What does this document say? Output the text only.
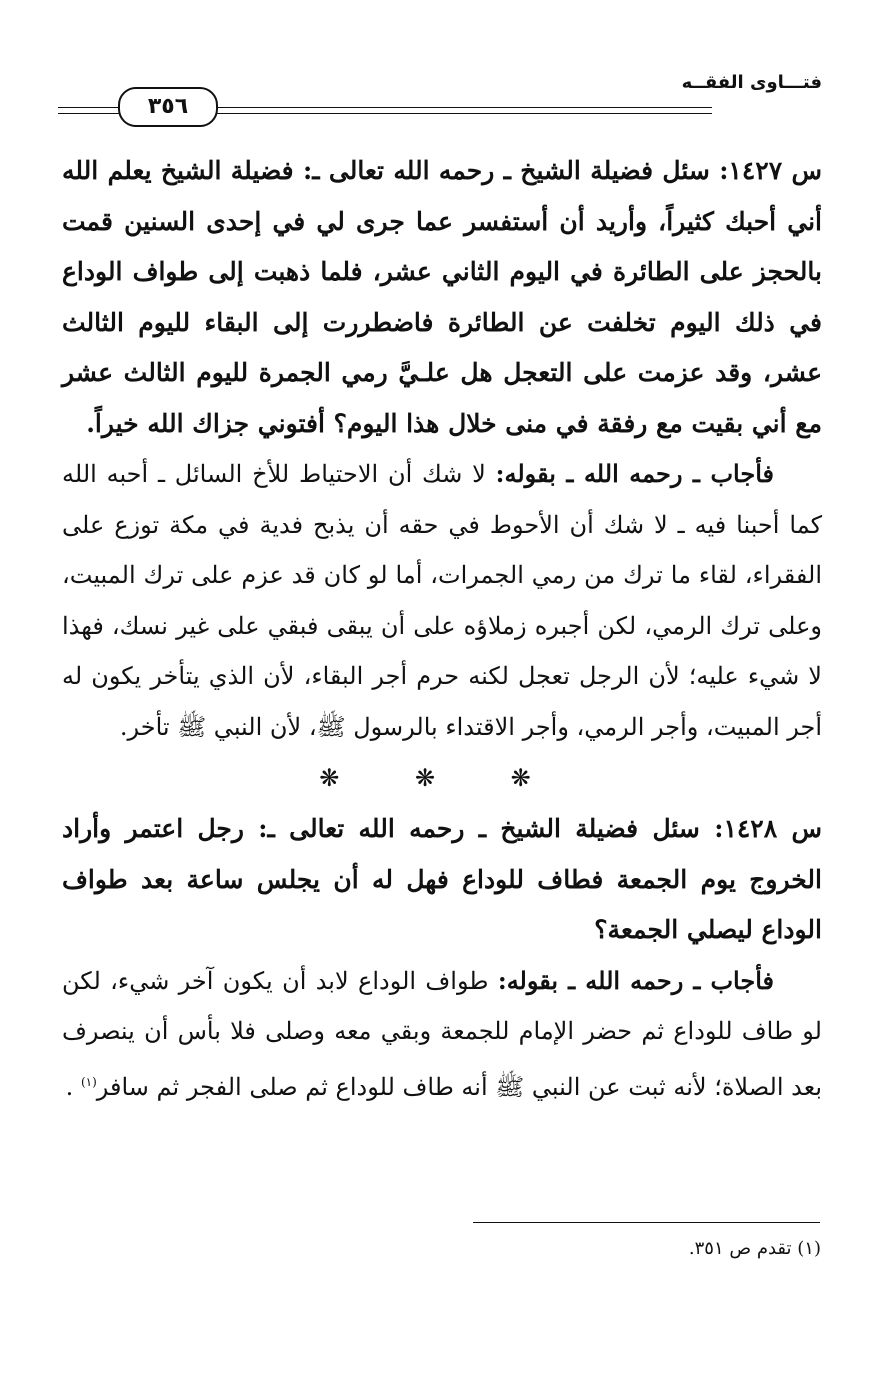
فتـــاوى الفقــه
٣٥٦

س ١٤٢٧: سئل فضيلة الشيخ ـ رحمه الله تعالى ـ: فضيلة الشيخ يعلم الله أني أحبك كثيراً، وأريد أن أستفسر عما جرى لي في إحدى السنين قمت بالحجز على الطائرة في اليوم الثاني عشر، فلما ذهبت إلى طواف الوداع في ذلك اليوم تخلفت عن الطائرة فاضطررت إلى البقاء لليوم الثالث عشر، وقد عزمت على التعجل هل علـيَّ رمي الجمرة لليوم الثالث عشر مع أني بقيت مع رفقة في منى خلال هذا اليوم؟ أفتوني جزاك الله خيراً.

فأجاب ـ رحمه الله ـ بقوله: لا شك أن الاحتياط للأخ السائل ـ أحبه الله كما أحبنا فيه ـ لا شك أن الأحوط في حقه أن يذبح فدية في مكة توزع على الفقراء، لقاء ما ترك من رمي الجمرات، أما لو كان قد عزم على ترك المبيت، وعلى ترك الرمي، لكن أجبره زملاؤه على أن يبقى فبقي على غير نسك، فهذا لا شيء عليه؛ لأن الرجل تعجل لكنه حرم أجر البقاء، لأن الذي يتأخر يكون له أجر المبيت، وأجر الرمي، وأجر الاقتداء بالرسول ﷺ، لأن النبي ﷺ تأخر.

❋ ❋ ❋

س ١٤٢٨: سئل فضيلة الشيخ ـ رحمه الله تعالى ـ: رجل اعتمر وأراد الخروج يوم الجمعة فطاف للوداع فهل له أن يجلس ساعة بعد طواف الوداع ليصلي الجمعة؟

فأجاب ـ رحمه الله ـ بقوله: طواف الوداع لابد أن يكون آخر شيء، لكن لو طاف للوداع ثم حضر الإمام للجمعة وبقي معه وصلى فلا بأس أن ينصرف بعد الصلاة؛ لأنه ثبت عن النبي ﷺ أنه طاف للوداع ثم صلى الفجر ثم سافر$^{(١)}$ .

(١) تقدم ص ٣٥١.
